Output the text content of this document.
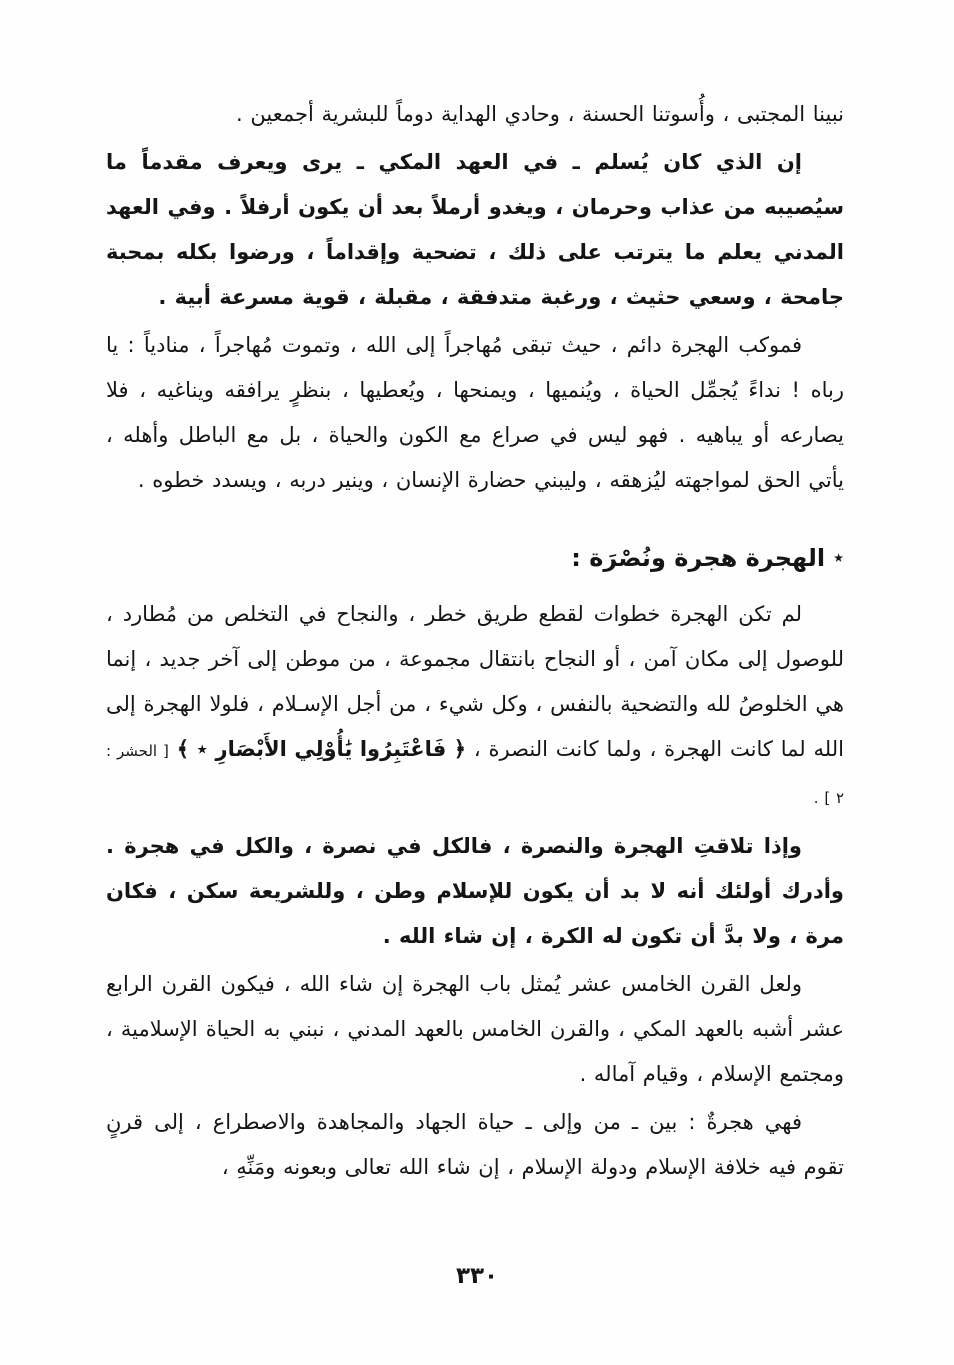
نبينا المجتبى ، وأُسوتنا الحسنة ، وحادي الهداية دوماً للبشرية أجمعين .

إن الذي كان يُسلم ـ في العهد المكي ـ يرى ويعرف مقدماً ما سيُصيبه من عذاب وحرمان ، ويغدو أرملاً بعد أن يكون أرفلاً . وفي العهد المدني يعلم ما يترتب على ذلك ، تضحية وإقداماً ، ورضوا بكله بمحبة جامحة ، وسعي حثيث ، ورغبة متدفقة ، مقبلة ، قوية مسرعة أبية .

فموكب الهجرة دائم ، حيث تبقى مُهاجراً إلى الله ، وتموت مُهاجراً ، منادياً : يا رباه ! نداءً يُجمِّل الحياة ، ويُنميها ، ويمنحها ، ويُعطيها ، بنظرٍ يرافقه ويناغيه ، فلا يصارعه أو يباهيه . فهو ليس في صراع مع الكون والحياة ، بل مع الباطل وأهله ، يأتي الحق لمواجهته ليُزهقه ، وليبني حضارة الإنسان ، وينير دربه ، ويسدد خطوه .

٭الهجرة هجرة ونُصْرَة :

لم تكن الهجرة خطوات لقطع طريق خطر ، والنجاح في التخلص من مُطارد ، للوصول إلى مكان آمن ، أو النجاح بانتقال مجموعة ، من موطن إلى آخر جديد ، إنما هي الخلوصُ لله والتضحية بالنفس ، وكل شيء ، من أجل الإسـلام ، فلولا الهجرة إلى الله لما كانت الهجرة ، ولما كانت النصرة ، ﴿ فَاعْتَبِرُوا يَٰأُوْلِي الأَبْصَارِ ٭ ﴾ [ الحشر : ٢ ] .

وإذا تلاقتِ الهجرة والنصرة ، فالكل في نصرة ، والكل في هجرة . وأدرك أولئك أنه لا بد أن يكون للإسلام وطن ، وللشريعة سكن ، فكان مرة ، ولا بدَّ أن تكون له الكرة ، إن شاء الله .

ولعل القرن الخامس عشر يُمثل باب الهجرة إن شاء الله ، فيكون القرن الرابع عشر أشبه بالعهد المكي ، والقرن الخامس بالعهد المدني ، نبني به الحياة الإسلامية ، ومجتمع الإسلام ، وقيام آماله .

فهي هجرةٌ : بين ـ من وإلى ـ حياة الجهاد والمجاهدة والاصطراع ، إلى قرنٍ تقوم فيه خلافة الإسلام ودولة الإسلام ، إن شاء الله تعالى وبعونه ومَنِّهِ ،

٣٣٠
